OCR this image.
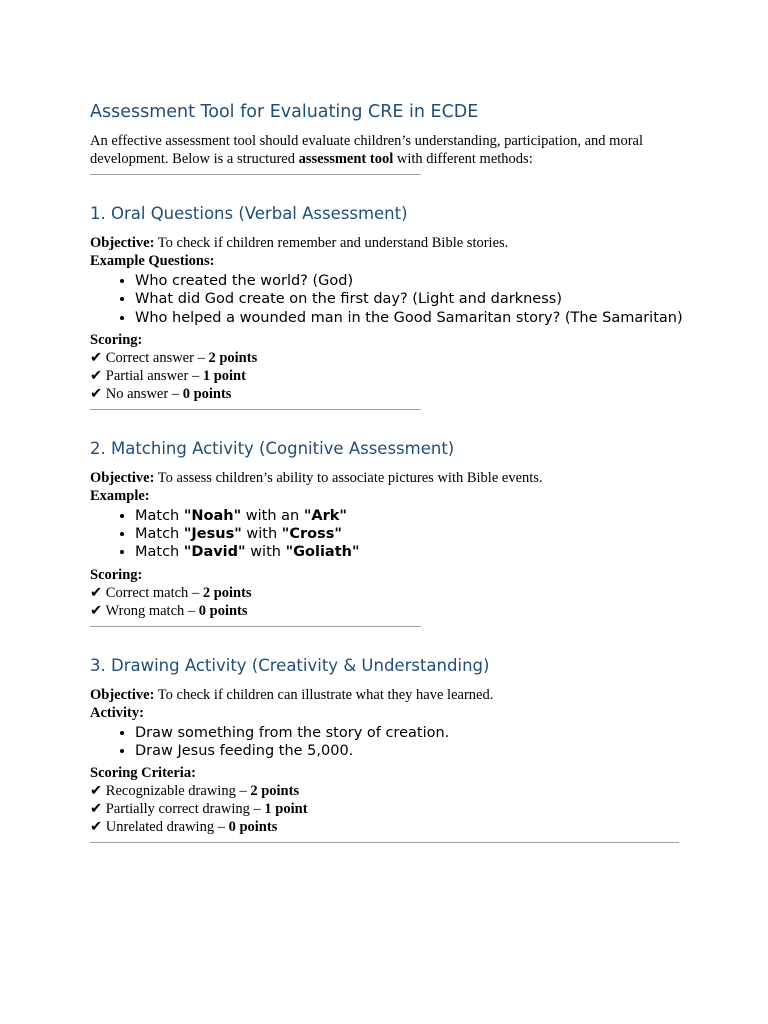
Assessment Tool for Evaluating CRE in ECDE

An effective assessment tool should evaluate children’s understanding, participation, and moral development. Below is a structured assessment tool with different methods:

1. Oral Questions (Verbal Assessment)

Objective: To check if children remember and understand Bible stories.

Example Questions:

• Who created the world? (God)
• What did God create on the first day? (Light and darkness)
• Who helped a wounded man in the Good Samaritan story? (The Samaritan)

Scoring:

✔ Correct answer – 2 points

✔ Partial answer – 1 point

✔ No answer – 0 points

2. Matching Activity (Cognitive Assessment)

Objective: To assess children’s ability to associate pictures with Bible events.

Example:

• Match "Noah" with an "Ark"
• Match "Jesus" with "Cross"
• Match "David" with "Goliath"

Scoring:

✔ Correct match – 2 points

✔ Wrong match – 0 points

3. Drawing Activity (Creativity & Understanding)

Objective: To check if children can illustrate what they have learned.

Activity:

• Draw something from the story of creation.
• Draw Jesus feeding the 5,000.

Scoring Criteria:

✔ Recognizable drawing – 2 points

✔ Partially correct drawing – 1 point

✔ Unrelated drawing – 0 points
